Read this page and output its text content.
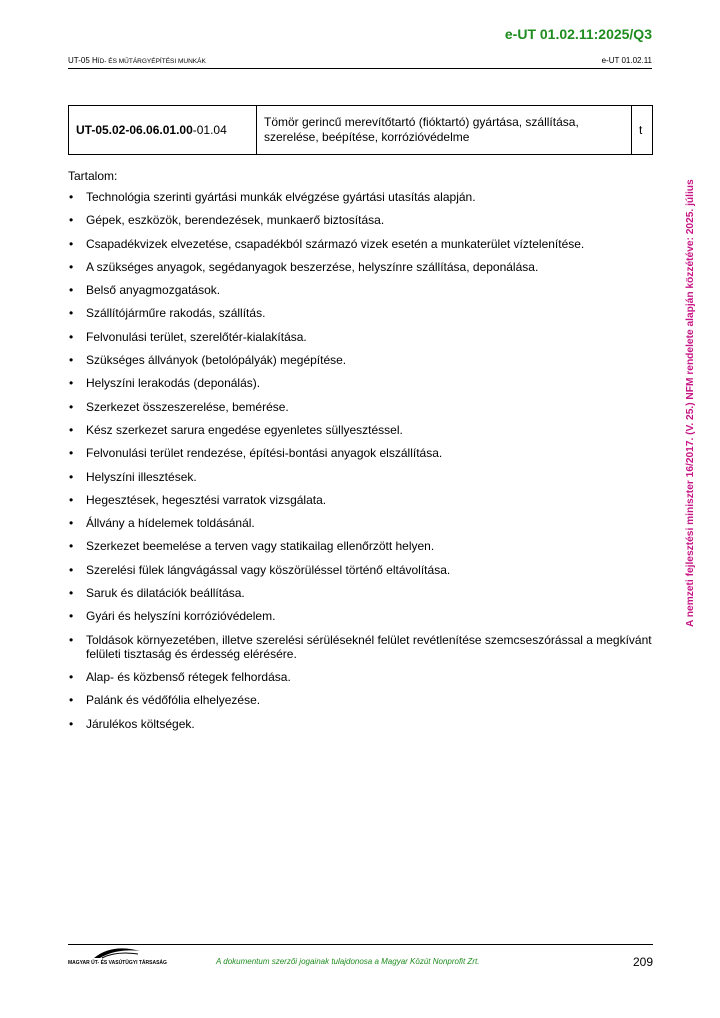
e-UT 01.02.11:2025/Q3
UT-05 HÍD- ÉS MŰTÁRGYÉPÍTÉSI MUNKÁK	e-UT 01.02.11
UT-05.02-06.06.01.00-01.04	Tömör gerincű merevítőtartó (fióktartó) gyártása, szállítása, szerelése, beépítése, korrózióvédelme	t

Tartalom:

• Technológia szerinti gyártási munkák elvégzése gyártási utasítás alapján.
• Gépek, eszközök, berendezések, munkaerő biztosítása.
• Csapadékvizek elvezetése, csapadékból származó vizek esetén a munkaterület víztelenítése.
• A szükséges anyagok, segédanyagok beszerzése, helyszínre szállítása, deponálása.
• Belső anyagmozgatások.
• Szállítójárműre rakodás, szállítás.
• Felvonulási terület, szerelőtér-kialakítása.
• Szükséges állványok (betolópályák) megépítése.
• Helyszíni lerakodás (deponálás).
• Szerkezet összeszerelése, bemérése.
• Kész szerkezet sarura engedése egyenletes süllyesztéssel.
• Felvonulási terület rendezése, építési-bontási anyagok elszállítása.
• Helyszíni illesztések.
• Hegesztések, hegesztési varratok vizsgálata.
• Állvány a hídelemek toldásánál.
• Szerkezet beemelése a terven vagy statikailag ellenőrzött helyen.
• Szerelési fülek lángvágással vagy köszörüléssel történő eltávolítása.
• Saruk és dilatációk beállítása.
• Gyári és helyszíni korrózióvédelem.
• Toldások környezetében, illetve szerelési sérüléseknél felület revétlenítése szemcseszórással a megkívánt felületi tisztaság és érdesség elérésére.
• Alap- és közbenső rétegek felhordása.
• Palánk és védőfólia elhelyezése.
• Járulékos költségek.
A nemzeti fejlesztési miniszter 16/2017. (V. 25.) NFM rendelete alapján közzétéve: 2025. július
MAGYAR ÚT- ÉS VASÚTÜGYI TÁRSASÁG	A dokumentum szerzői jogainak tulajdonosa a Magyar Közút Nonprofit Zrt.	209
